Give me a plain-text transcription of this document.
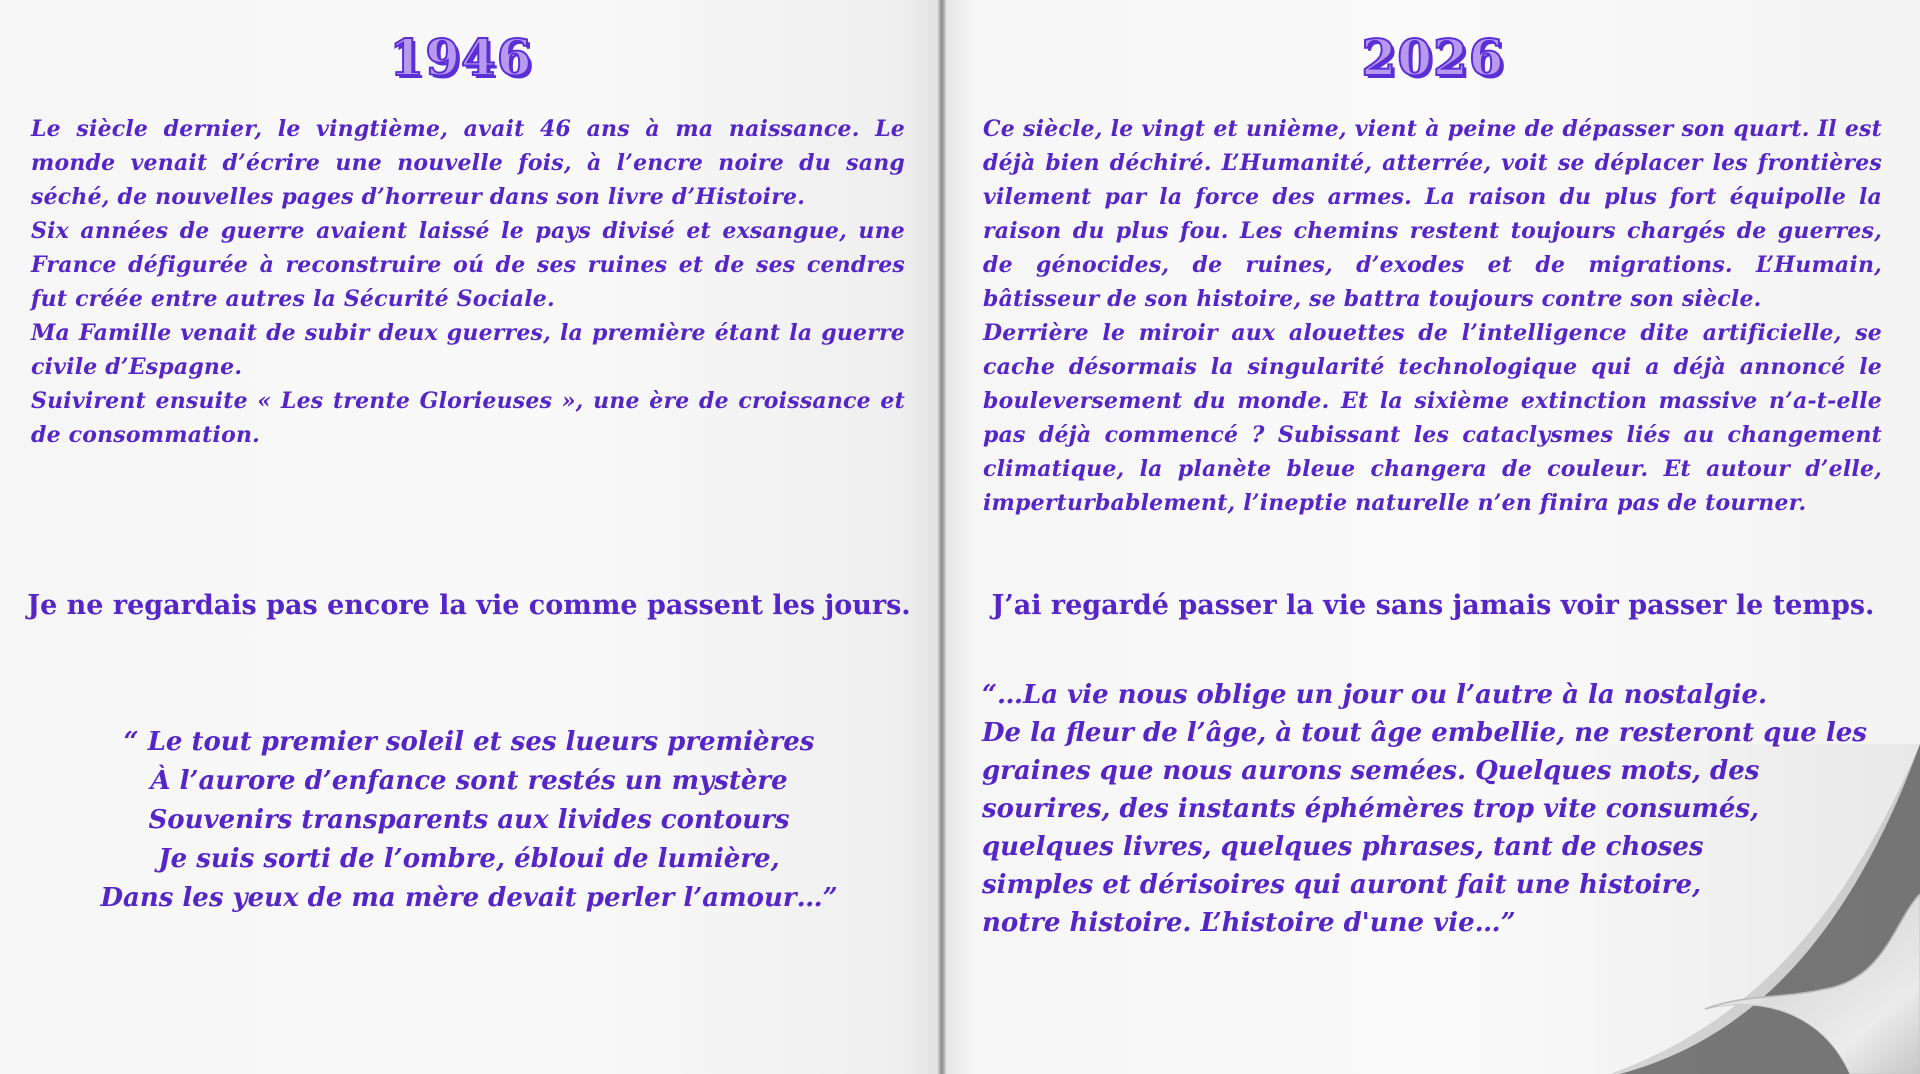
1946

Le siècle dernier, le vingtième, avait 46 ans à ma naissance. Le monde venait d’écrire une nouvelle fois, à l’encre noire du sang séché, de nouvelles pages d’horreur dans son livre d’Histoire.

Six années de guerre avaient laissé le pays divisé et exsangue, une France défigurée à reconstruire oú de ses ruines et de ses cendres fut créée entre autres la Sécurité Sociale.

Ma Famille venait de subir deux guerres, la première étant la guerre civile d’Espagne.

Suivirent ensuite « Les trente Glorieuses », une ère de croissance et de consommation.

Je ne regardais pas encore la vie comme passent les jours.

“ Le tout premier soleil et ses lueurs premières
À l’aurore d’enfance sont restés un mystère
Souvenirs transparents aux livides contours
Je suis sorti de l’ombre, ébloui de lumière,
Dans les yeux de ma mère devait perler l’amour…”
2026

Ce siècle, le vingt et unième, vient à peine de dépasser son quart. Il est déjà bien déchiré. L’Humanité, atterrée, voit se déplacer les frontières vilement par la force des armes. La raison du plus fort équipolle la raison du plus fou. Les chemins restent toujours chargés de guerres, de génocides, de ruines, d’exodes et de migrations. L’Humain, bâtisseur de son histoire, se battra toujours contre son siècle.

Derrière le miroir aux alouettes de l’intelligence dite artificielle, se cache désormais la singularité technologique qui a déjà annoncé le bouleversement du monde. Et la sixième extinction massive n’a-t-elle pas déjà commencé ? Subissant les cataclysmes liés au changement climatique, la planète bleue changera de couleur. Et autour d’elle, imperturbablement, l’ineptie naturelle n’en finira pas de tourner.

J’ai regardé passer la vie sans jamais voir passer le temps.

“…La vie nous oblige un jour ou l’autre à la nostalgie.
De la fleur de l’âge, à tout âge embellie, ne resteront que les
graines que nous aurons semées. Quelques mots, des
sourires, des instants éphémères trop vite consumés,
quelques livres, quelques phrases, tant de choses
simples et dérisoires qui auront fait une histoire,
notre histoire. L’histoire d'une vie…”
